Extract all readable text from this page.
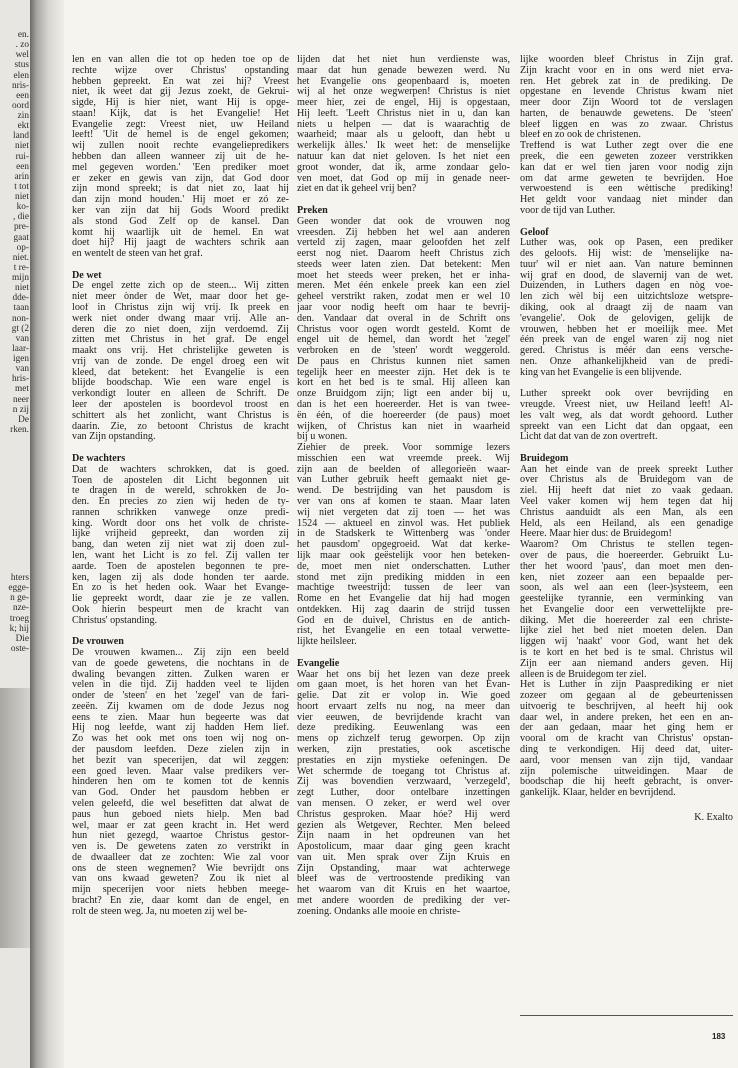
en.
. zo
wel
stus
elen
nris-
een
oord
zin
ekt
land
niet
rui-
een
arin
t tot
niet
ko-
, die
pre-
gaat
op-
niet.
t re-
mijn
niet
dde-
taan
non-
gt (2
van
laar-
igen
van
hris-
met
neer
n zij
De
rken.
hters
egge-
n ge-
nze-
troeg
k; hij
Die
oste-
len en van allen die tot op heden toe op de
rechte wijze over Christus' opstanding
hebben gepreekt. En wat zei hij? Vreest
niet, ik weet dat gij Jezus zoekt, de Gekrui-
sigde, Hij is hier niet, want Hij is opge-
staan! Kijk, dat is het Evangelie! Het
Evangelie zegt: Vreest niet, uw Heiland
leeft! 'Uit de hemel is de engel gekomen;
wij zullen nooit rechte evangeliepredikers
hebben dan alleen wanneer zij uit de he-
mel gegeven worden.' 'Een prediker moet
er zeker en gewis van zijn, dat God door
zijn mond spreekt; is dat niet zo, laat hij
dan zijn mond houden.' Hij moet er zó ze-
ker van zijn dat hij Gods Woord predikt
als stond God Zelf op de kansel. Dan
komt hij waarlijk uit de hemel. En wat
doet hij? Hij jaagt de wachters schrik aan
en wentelt de steen van het graf.
De wet
De engel zette zich op de steen... Wij zitten
niet meer ònder de Wet, maar door het ge-
loof in Christus zijn wij vrij. Ik preek en
werk niet onder dwang maar vrij. Alle an-
deren die zo niet doen, zijn verdoemd. Zij
zitten met Christus in het graf. De engel
maakt ons vrij. Het christelijke geweten is
vrij van de zonde. De engel droeg een wit
kleed, dat betekent: het Evangelie is een
blijde boodschap. Wie een ware engel is
verkondigt louter en alleen de Schrift. De
leer der apostelen is boordevol troost en
schittert als het zonlicht, want Christus is
daarin. Zie, zo betoont Christus de kracht
van Zijn opstanding.
De wachters
Dat de wachters schrokken, dat is goed.
Toen de apostelen dit Licht begonnen uit
te dragen in de wereld, schrokken de Jo-
den. En precies zo zien wij heden de ty-
rannen schrikken vanwege onze predi-
king. Wordt door ons het volk de christe-
lijke vrijheid gepreekt, dan worden zij
bang, dan weten zij niet wat zij doen zul-
len, want het Licht is zo fel. Zij vallen ter
aarde. Toen de apostelen begonnen te pre-
ken, lagen zij als dode honden ter aarde.
En zo is het heden ook. Waar het Evange-
lie gepreekt wordt, daar zie je ze vallen.
Ook hierin bespeurt men de kracht van
Christus' opstanding.
De vrouwen
De vrouwen kwamen... Zij zijn een beeld
van de goede gewetens, die nochtans in de
dwaling bevangen zitten. Zulken waren er
velen in die tijd. Zij hadden veel te lijden
onder de 'steen' en het 'zegel' van de fari-
zeeën. Zij kwamen om de dode Jezus nog
eens te zien. Maar hun begeerte was dat
Hij nog leefde, want zij hadden Hem lief.
Zo was het ook met ons toen wij nog on-
der pausdom leefden. Deze zielen zijn in
het bezit van specerijen, dat wil zeggen:
een goed leven. Maar valse predikers ver-
hinderen hen om te komen tot de kennis
van God. Onder het pausdom hebben er
velen geleefd, die wel besefitten dat alwat de
paus hun geboed niets hielp. Men bad
wel, maar er zat geen kracht in. Het werd
hun niet gezegd, waartoe Christus gestor-
ven is. De gewetens zaten zo verstrikt in
de dwaalleer dat ze zochten: Wie zal voor
ons de steen wegnemen? Wie bevrijdt ons
van ons kwaad geweten? Zou ik niet al
mijn specerijen voor niets hebben meege-
bracht? En zie, daar komt dan de engel, en
rolt de steen weg. Ja, nu moeten zij wel be-
lijden dat het niet hun verdienste was,
maar dat hun genade bewezen werd. Nu
het Evangelie ons geopenbaard is, moeten
wij al het onze wegwerpen! Christus is niet
meer hier, zei de engel, Hij is opgestaan,
Hij leeft. 'Leeft Christus niet in u, dan kan
niets u helpen — dat is waarachtig de
waarheid; maar als u gelooft, dan hebt u
werkelijk àlles.' Ik weet het: de menselijke
natuur kan dat niet geloven. Is het niet een
groot wonder, dat ik, arme zondaar gelo-
ven moet, dat God op mij in genade neer-
ziet en dat ik geheel vrij ben?
Preken
Geen wonder dat ook de vrouwen nog
vreesden. Zij hebben het wel aan anderen
verteld zij zagen, maar geloofden het zelf
eerst nog niet. Daarom heeft Christus zich
steeds weer laten zien. Dat betekent: Men
moet het steeds weer preken, het er inha-
meren. Met één enkele preek kan een ziel
geheel verstrikt raken, zodat men er wel 10
jaar voor nodig heeft om haar te bevrij-
den. Vandaar dat overal in de Schrift ons
Christus voor ogen wordt gesteld. Komt de
engel uit de hemel, dan wordt het 'zegel'
verbroken en de 'steen' wordt weggerold.
De paus en Christus kunnen niet samen
tegelijk heer en meester zijn. Het dek is te
kort en het bed is te smal. Hij alleen kan
onze Bruidgom zijn; ligt een ander bij u,
dan is het een hoereerder. Het is van twee-
ën één, of die hoereerder (de paus) moet
wijken, of Christus kan niet in waarheid
bij u wonen.
Ziehier de preek. Voor sommige lezers
misschien een wat vreemde preek. Wij
zijn aan de beelden of allegorieën waar-
van Luther gebruik heeft gemaakt niet ge-
wend. De bestrijding van het pausdom is
ver van ons af komen te staan. Maar laten
wij niet vergeten dat zij toen — het was
1524 — aktueel en zinvol was. Het publiek
in de Stadskerk te Wittenberg was 'onder
het pausdom' opgegroeid. Wat dat kerke-
lijk maar ook geëstelijk voor hen beteken-
de, moet men niet onderschatten. Luther
stond met zijn prediking midden in een
machtige tweestrijd: tussen de leer van
Rome en het Evangelie dat hij had mogen
ontdekken. Hij zag daarin de strijd tussen
God en de duivel, Christus en de antich-
rist, het Evangelie en een totaal verwette-
lijkte heilsleer.
Evangelie
Waar het ons bij het lezen van deze preek
om gaan moet, is het horen van het Evan-
gelie. Dat zit er volop in. Wie goed
hoort ervaart zelfs nu nog, na meer dan
vier eeuwen, de bevrijdende kracht van
deze prediking. Eeuwenlang was een
mens op zichzelf terug geworpen. Op zijn
werken, zijn prestaties, ook ascetische
prestaties en zijn mystieke oefeningen. De
Wet schermde de toegang tot Christus af.
Zij was bovendien verzwaard, 'verzegeld',
zegt Luther, door ontelbare inzettingen
van mensen. O zeker, er werd wel over
Christus gesproken. Maar hóe? Hij werd
gezien als Wetgever, Rechter. Men beleed
Zijn naam in het opdreunen van het
Apostolicum, maar daar ging geen kracht
van uit. Men sprak over Zijn Kruis en
Zijn Opstanding, maar wat achterwege
bleef was de vertroostende prediking van
het waarom van dit Kruis en het waartoe,
met andere woorden de prediking der ver-
zoening. Ondanks alle mooie en christe-
lijke woorden bleef Christus in Zijn graf.
Zijn kracht voor en in ons werd niet erva-
ren. Het gebrek zat in de prediking. De
opgestane en levende Christus kwam niet
meer door Zijn Woord tot de verslagen
harten, de benauwde gewetens. De 'steen'
bleef liggen en was zo zwaar. Christus
bleef en zo ook de christenen.
Treffend is wat Luther zegt over die ene
preek, die een geweten zozeer verstrikken
kan dat er wel tien jaren voor nodig zijn
om dat arme geweten te bevrijden. Hoe
verwoestend is een wèttische prediking!
Het geldt voor vandaag niet minder dan
voor de tijd van Luther.
Geloof
Luther was, ook op Pasen, een prediker
des geloofs. Hij wist: de 'menselijke na-
tuur' wil er niet aan. Van nature beminnen
wij graf en dood, de slavernij van de wet.
Duizenden, in Luthers dagen en nòg voe-
len zich wèl bij een uitzichtsloze wetspre-
diking, ook al draagt zij de naam van
'evangelie'. Ook de gelovigen, gelijk de
vrouwen, hebben het er moeilijk mee. Met
één preek van de engel waren zij nog niet
gered. Christus is méér dan eens versche-
nen. Onze afhankelijkheid van de predi-
king van het Evangelie is een blijvende.
Luther spreekt ook over bevrijding en
vreugde. Vreest niet, uw Heiland leeft! Al-
les valt weg, als dat wordt gehoord. Luther
spreekt van een Licht dat dan opgaat, een
Licht dat dat van de zon overtreft.
Bruidegom
Aan het einde van de preek spreekt Luther
over Christus als de Bruidegom van de
ziel. Hij heeft dat niet zo vaak gedaan.
Veel vaker komen wij hem tegen dat hij
Christus aanduidt als een Man, als een
Held, als een Heiland, als een genadige
Heere. Maar hier dus: de Bruidegom!
Waarom? Om Christus te stellen tegen-
over de paus, die hoereerder. Gebruikt Lu-
ther het woord 'paus', dan moet men den-
ken, niet zozeer aan een bepaalde per-
soon, als wel aan een (leer-)systeem, een
geestelijke tyrannie, een verminking van
het Evangelie door een verwettelijkte pre-
diking. Met die hoereerder zal een christe-
lijke ziel het bed niet moeten delen. Dan
liggen wij 'naakt' voor God, want het dek
is te kort en het bed is te smal. Christus wil
Zijn eer aan niemand anders geven. Hij
alleen is de Bruidegom ter ziel.
Het is Luther in zijn Paasprediking er niet
zozeer om gegaan al de gebeurtenissen
uitvoerig te beschrijven, al heeft hij ook
daar wel, in andere preken, het een en an-
der aan gedaan, maar het ging hem er
vooral om de kracht van Christus' opstan-
ding te verkondigen. Hij deed dat, uiter-
aard, voor mensen van zijn tijd, vandaar
zijn polemische uitweidingen. Maar de
boodschap die hij heeft gebracht, is onver-
gankelijk. Klaar, helder en bevrijdend.
K. Exalto
183
